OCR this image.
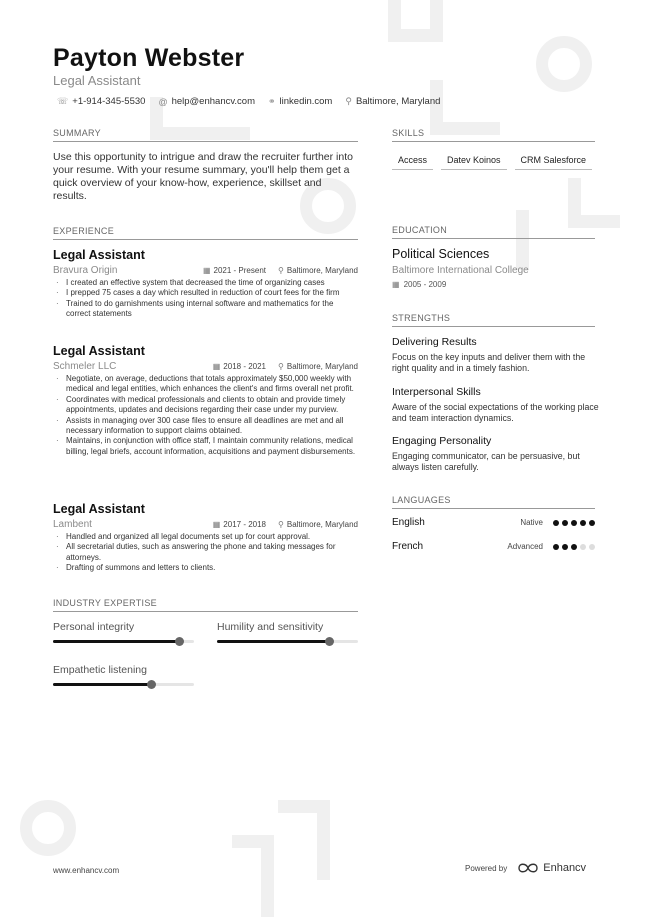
Payton Webster
Legal Assistant
☏ +1-914-345-5530 @ help@enhancv.com ⚭ linkedin.com ⚲ Baltimore, Maryland
SUMMARY
Use this opportunity to intrigue and draw the recruiter further into your resume. With your resume summary, you'll help them get a quick overview of your know-how, experience, skillset and results.
EXPERIENCE
Legal Assistant
Bravura Origin	▦ 2021 - Present ⚲ Baltimore, Maryland
· I created an effective system that decreased the time of organizing cases
· I prepped 75 cases a day which resulted in reduction of court fees for the firm
· Trained to do garnishments using internal software and mathematics for the correct statements
Legal Assistant
Schmeler LLC	▦ 2018 - 2021 ⚲ Baltimore, Maryland
· Negotiate, on average, deductions that totals approximately $50,000 weekly with medical and legal entities, which enhances the client's and firms overall net profit.
· Coordinates with medical professionals and clients to obtain and provide timely appointments, updates and decisions regarding their case under my purview.
· Assists in managing over 300 case files to ensure all deadlines are met and all necessary information to support claims obtained.
· Maintains, in conjunction with office staff, I maintain community relations, medical billing, legal briefs, account information, acquisitions and payment disbursements.
Legal Assistant
Lambent	▦ 2017 - 2018 ⚲ Baltimore, Maryland
· Handled and organized all legal documents set up for court approval.
· All secretarial duties, such as answering the phone and taking messages for attorneys.
· Drafting of summons and letters to clients.
INDUSTRY EXPERTISE
Personal integrity	Humility and sensitivity
Empathetic listening
SKILLS
Access	Datev Koinos	CRM Salesforce
EDUCATION
Political Sciences
Baltimore International College
▦ 2005 - 2009
STRENGTHS
Delivering Results
Focus on the key inputs and deliver them with the right quality and in a timely fashion.
Interpersonal Skills
Aware of the social expectations of the working place and team interaction dynamics.
Engaging Personality
Engaging communicator, can be persuasive, but always listen carefully.
LANGUAGES
English	Native
French	Advanced
www.enhancv.com	Powered by	Enhancv
